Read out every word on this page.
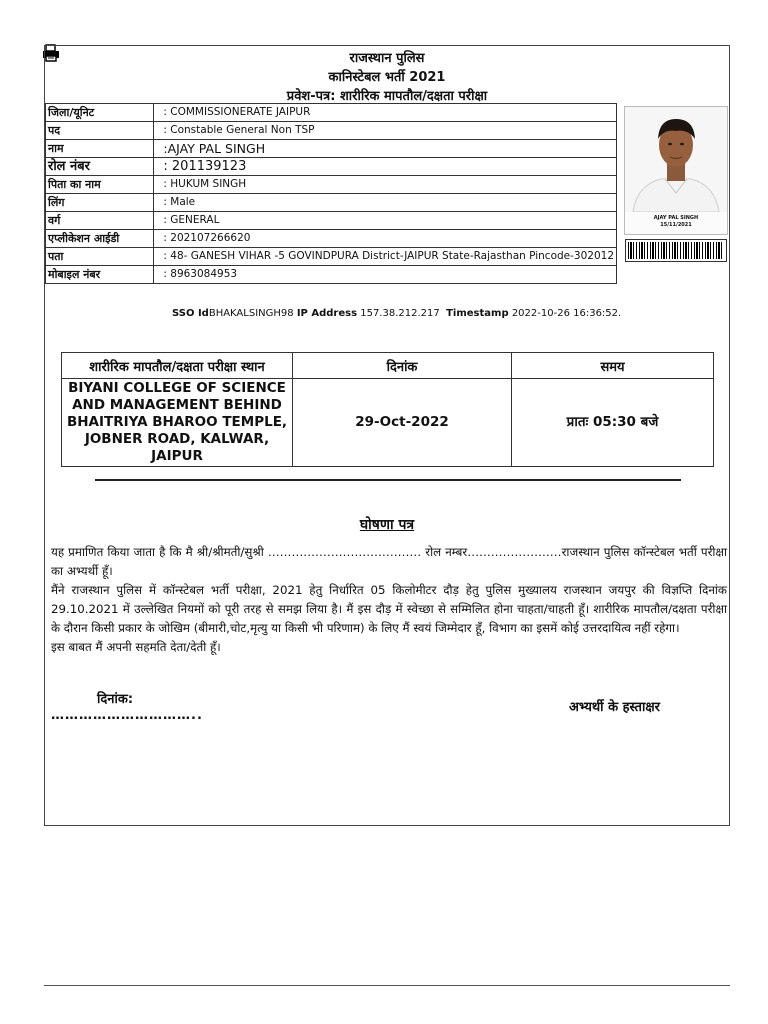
राजस्थान पुलिस
कानिस्टेबल भर्ती 2021
प्रवेश-पत्र: शारीरिक मापतौल/दक्षता परीक्षा
जिला/यूनिट	: COMMISSIONERATE JAIPUR
पद	: Constable General Non TSP
नाम	:AJAY PAL SINGH
रोल नंबर	: 201139123
पिता का नाम	: HUKUM SINGH
लिंग	: Male
वर्ग	: GENERAL
एप्लीकेशन आईडी	: 202107266620
पता	: 48- GANESH VIHAR -5 GOVINDPURA District-JAIPUR State-Rajasthan Pincode-302012
मोबाइल नंबर	: 8963084953
AJAY PAL SINGH
15/11/2021
SSO IdBHAKALSINGH98 IP Address 157.38.212.217 Timestamp 2022-10-26 16:36:52.
शारीरिक मापतौल/दक्षता परीक्षा स्थान	दिनांक	समय
BIYANI COLLEGE OF SCIENCE AND MANAGEMENT BEHIND BHAITRIYA BHAROO TEMPLE, JOBNER ROAD, KALWAR, JAIPUR	29-Oct-2022	प्रातः 05:30 बजे
घोषणा पत्र

यह प्रमाणित किया जाता है कि मै श्री/श्रीमती/सुश्री ………………………………… रोल नम्बर……………………राजस्थान पुलिस कॉन्स्टेबल भर्ती परीक्षा का अभ्यर्थी हूँ।

मैंने राजस्थान पुलिस में कॉन्स्टेबल भर्ती परीक्षा, 2021 हेतु निर्धारित 05 किलोमीटर दौड़ हेतु पुलिस मुख्यालय राजस्थान जयपुर की विज्ञप्ति दिनांक 29.10.2021 में उल्लेखित नियमों को पूरी तरह से समझ लिया है। मैं इस दौड़ में स्वेच्छा से सम्मिलित होना चाहता/चाहती हूँ। शारीरिक मापतौल/दक्षता परीक्षा के दौरान किसी प्रकार के जोखिम (बीमारी,चोट,मृत्यु या किसी भी परिणाम) के लिए मैं स्वयं जिम्मेदार हूँ, विभाग का इसमें कोई उत्तरदायित्व नहीं रहेगा।

इस बाबत मैं अपनी सहमति देता/देती हूँ।

दिनांक:
…………………………..
अभ्यर्थी के हस्ताक्षर
